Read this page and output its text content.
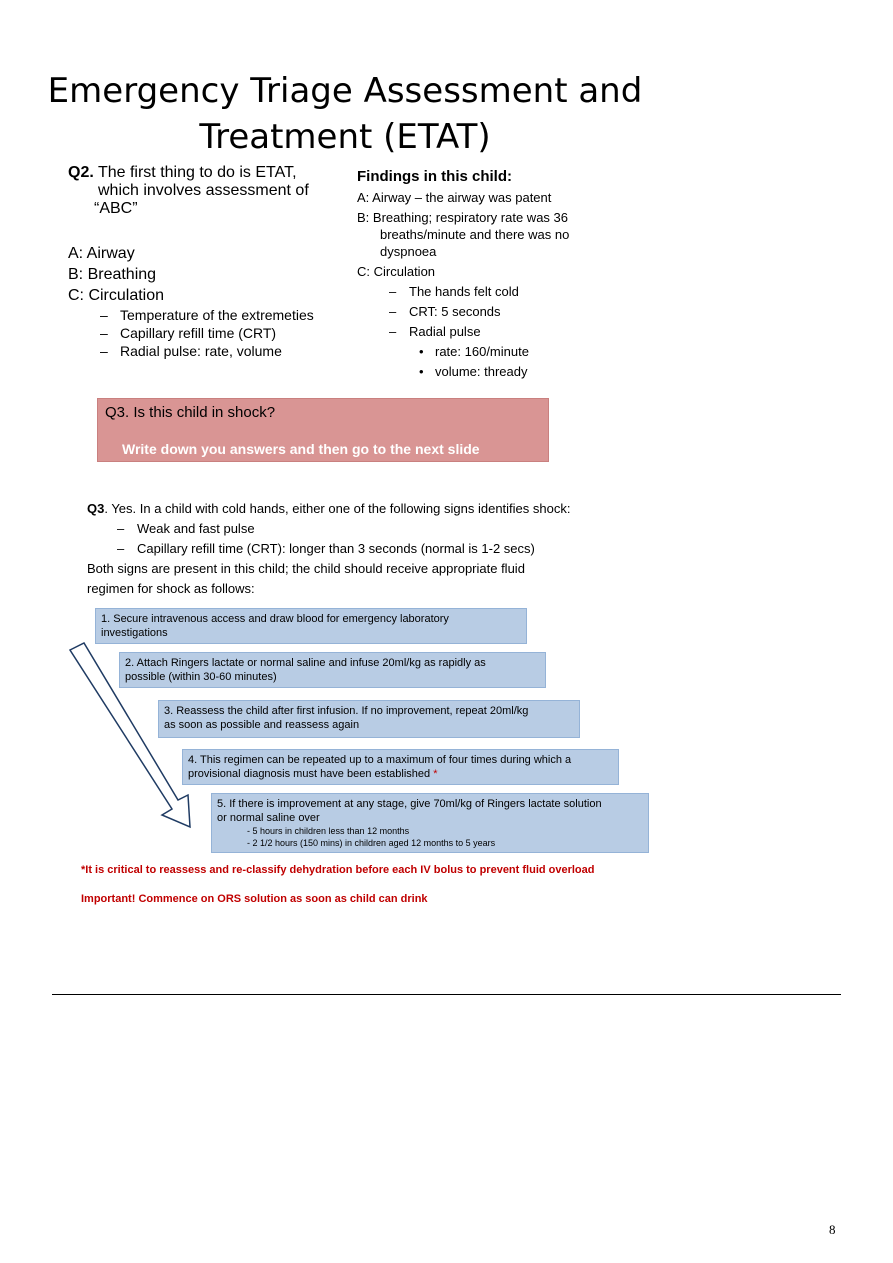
Emergency Triage Assessment and
Treatment (ETAT)
Q2. The first thing to do is ETAT,
which involves assessment of
“ABC”
A: Airway
B: Breathing
C: Circulation
– Temperature of the extremeties
– Capillary refill time (CRT)
– Radial pulse: rate, volume
Findings in this child:
A: Airway – the airway was patent
B: Breathing; respiratory rate was 36
breaths/minute and there was no
dyspnoea
C: Circulation
– The hands felt cold
– CRT: 5 seconds
– Radial pulse
• rate: 160/minute
• volume: thready
Q3. Is this child in shock?
Write down you answers and then go to the next slide
Q3. Yes. In a child with cold hands, either one of the following signs identifies shock:
– Weak and fast pulse
– Capillary refill time (CRT): longer than 3 seconds (normal is 1-2 secs)
Both signs are present in this child; the child should receive appropriate fluid
regimen for shock as follows:
1. Secure intravenous access and draw blood for emergency laboratory
investigations
2. Attach Ringers lactate or normal saline and infuse 20ml/kg as rapidly as
possible (within 30-60 minutes)
3. Reassess the child after first infusion. If no improvement, repeat 20ml/kg
as soon as possible and reassess again
4. This regimen can be repeated up to a maximum of four times during which a
provisional diagnosis must have been established *
5. If there is improvement at any stage, give 70ml/kg of Ringers lactate solution
or normal saline over
- 5 hours in children less than 12 months
- 2 1/2 hours (150 mins) in children aged 12 months to 5 years
*It is critical to reassess and re-classify dehydration before each IV bolus to prevent fluid overload
Important! Commence on ORS solution as soon as child can drink
8
